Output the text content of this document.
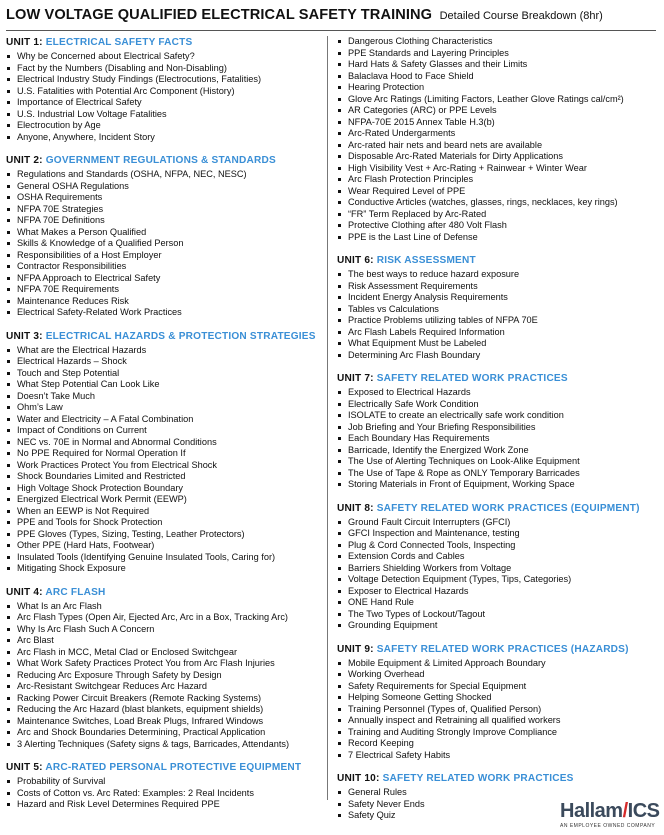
LOW VOLTAGE QUALIFIED ELECTRICAL SAFETY TRAINING Detailed Course Breakdown (8hr)
UNIT 1: ELECTRICAL SAFETY FACTS
Why be Concerned about Electrical Safety?
Fact by the Numbers (Disabling and Non-Disabling)
Electrical Industry Study Findings (Electrocutions, Fatalities)
U.S. Fatalities with Potential Arc Component (History)
Importance of Electrical Safety
U.S. Industrial Low Voltage Fatalities
Electrocution by Age
Anyone, Anywhere, Incident Story
UNIT 2: GOVERNMENT REGULATIONS & STANDARDS
Regulations and Standards (OSHA, NFPA, NEC, NESC)
General OSHA Regulations
OSHA Requirements
NFPA 70E Strategies
NFPA 70E Definitions
What Makes a Person Qualified
Skills & Knowledge of a Qualified Person
Responsibilities of a Host Employer
Contractor Responsibilities
NFPA Approach to Electrical Safety
NFPA 70E Requirements
Maintenance Reduces Risk
Electrical Safety-Related Work Practices
UNIT 3: ELECTRICAL HAZARDS & PROTECTION STRATEGIES
What are the Electrical Hazards
Electrical Hazards – Shock
Touch and Step Potential
What Step Potential Can Look Like
Doesn’t Take Much
Ohm’s Law
Water and Electricity – A Fatal Combination
Impact of Conditions on Current
NEC vs. 70E in Normal and Abnormal Conditions
No PPE Required for Normal Operation If
Work Practices Protect You from Electrical Shock
Shock Boundaries Limited and Restricted
High Voltage Shock Protection Boundary
Energized Electrical Work Permit (EEWP)
When an EEWP is Not Required
PPE and Tools for Shock Protection
PPE Gloves (Types, Sizing, Testing, Leather Protectors)
Other PPE (Hard Hats, Footwear)
Insulated Tools (Identifying Genuine Insulated Tools, Caring for)
Mitigating Shock Exposure
UNIT 4: ARC FLASH
What Is an Arc Flash
Arc Flash Types (Open Air, Ejected Arc, Arc in a Box, Tracking Arc)
Why Is Arc Flash Such A Concern
Arc Blast
Arc Flash in MCC, Metal Clad or Enclosed Switchgear
What Work Safety Practices Protect You from Arc Flash Injuries
Reducing Arc Exposure Through Safety by Design
Arc-Resistant Switchgear Reduces Arc Hazard
Racking Power Circuit Breakers (Remote Racking Systems)
Reducing the Arc Hazard (blast blankets, equipment shields)
Maintenance Switches, Load Break Plugs, Infrared Windows
Arc and Shock Boundaries Determining, Practical Application
3 Alerting Techniques (Safety signs & tags, Barricades, Attendants)
UNIT 5: ARC-RATED PERSONAL PROTECTIVE EQUIPMENT
Probability of Survival
Costs of Cotton vs. Arc Rated: Examples: 2 Real Incidents
Hazard and Risk Level Determines Required PPE
Dangerous Clothing Characteristics
PPE Standards and Layering Principles
Hard Hats & Safety Glasses and their Limits
Balaclava Hood to Face Shield
Hearing Protection
Glove Arc Ratings (Limiting Factors, Leather Glove Ratings cal/cm²)
AR Categories (ARC) or PPE Levels
NFPA-70E 2015 Annex Table H.3(b)
Arc-Rated Undergarments
Arc-rated hair nets and beard nets are available
Disposable Arc-Rated Materials for Dirty Applications
High Visibility Vest + Arc-Rating + Rainwear + Winter Wear
Arc Flash Protection Principles
Wear Required Level of PPE
Conductive Articles (watches, glasses, rings, necklaces, key rings)
“FR” Term Replaced by Arc-Rated
Protective Clothing after 480 Volt Flash
PPE is the Last Line of Defense
UNIT 6: RISK ASSESSMENT
The best ways to reduce hazard exposure
Risk Assessment Requirements
Incident Energy Analysis Requirements
Tables vs Calculations
Practice Problems utilizing tables of NFPA 70E
Arc Flash Labels Required Information
What Equipment Must be Labeled
Determining Arc Flash Boundary
UNIT 7: SAFETY RELATED WORK PRACTICES
Exposed to Electrical Hazards
Electrically Safe Work Condition
ISOLATE to create an electrically safe work condition
Job Briefing and Your Briefing Responsibilities
Each Boundary Has Requirements
Barricade, Identify the Energized Work Zone
The Use of Alerting Techniques on Look-Alike Equipment
The Use of Tape & Rope as ONLY Temporary Barricades
Storing Materials in Front of Equipment, Working Space
UNIT 8: SAFETY RELATED WORK PRACTICES (EQUIPMENT)
Ground Fault Circuit Interrupters (GFCI)
GFCI Inspection and Maintenance, testing
Plug & Cord Connected Tools, Inspecting
Extension Cords and Cables
Barriers Shielding Workers from Voltage
Voltage Detection Equipment (Types, Tips, Categories)
Exposer to Electrical Hazards
ONE Hand Rule
The Two Types of Lockout/Tagout
Grounding Equipment
UNIT 9: SAFETY RELATED WORK PRACTICES (HAZARDS)
Mobile Equipment & Limited Approach Boundary
Working Overhead
Safety Requirements for Special Equipment
Helping Someone Getting Shocked
Training Personnel (Types of, Qualified Person)
Annually inspect and Retraining all qualified workers
Training and Auditing Strongly Improve Compliance
Record Keeping
7 Electrical Safety Habits
UNIT 10: SAFETY RELATED WORK PRACTICES
General Rules
Safety Never Ends
Safety Quiz	Hallam/ICS
AN EMPLOYEE OWNED COMPANY
